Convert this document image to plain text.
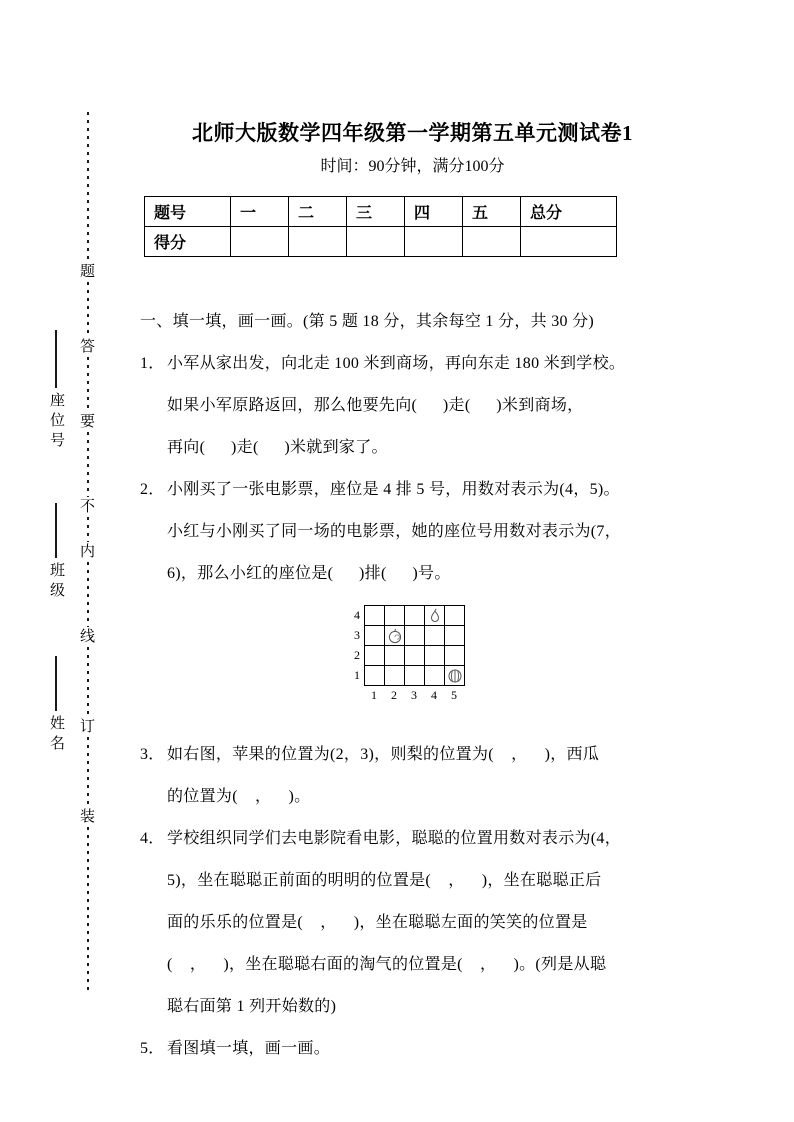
题
答
要
不
内
线
订
装
座位号
班级
姓名
北师大版数学四年级第一学期第五单元测试卷1
时间：90分钟，满分100分
题号	一	二	三	四	五	总分
得分						
一、填一填，画一画。(第 5 题 18 分，其余每空 1 分，共 30 分)
1． 小军从家出发，向北走 100 米到商场，再向东走 180 米到学校。
如果小军原路返回，那么他要先向(      )走(      )米到商场，
再向(      )走(      )米就到家了。
2． 小刚买了一张电影票，座位是 4 排 5 号，用数对表示为(4，5)。
小红与小刚买了同一场的电影票，她的座位号用数对表示为(7，
6)，那么小红的座位是(      )排(      )号。
4
3
2
1
1	2	3	4	5
3． 如右图，苹果的位置为(2，3)，则梨的位置为(    ，    )，西瓜
的位置为(    ，    )。
4． 学校组织同学们去电影院看电影，聪聪的位置用数对表示为(4，
5)，坐在聪聪正前面的明明的位置是(    ，    )，坐在聪聪正后
面的乐乐的位置是(    ，    )，坐在聪聪左面的笑笑的位置是
(    ，    )，坐在聪聪右面的淘气的位置是(    ，    )。(列是从聪
聪右面第 1 列开始数的)
5． 看图填一填，画一画。
